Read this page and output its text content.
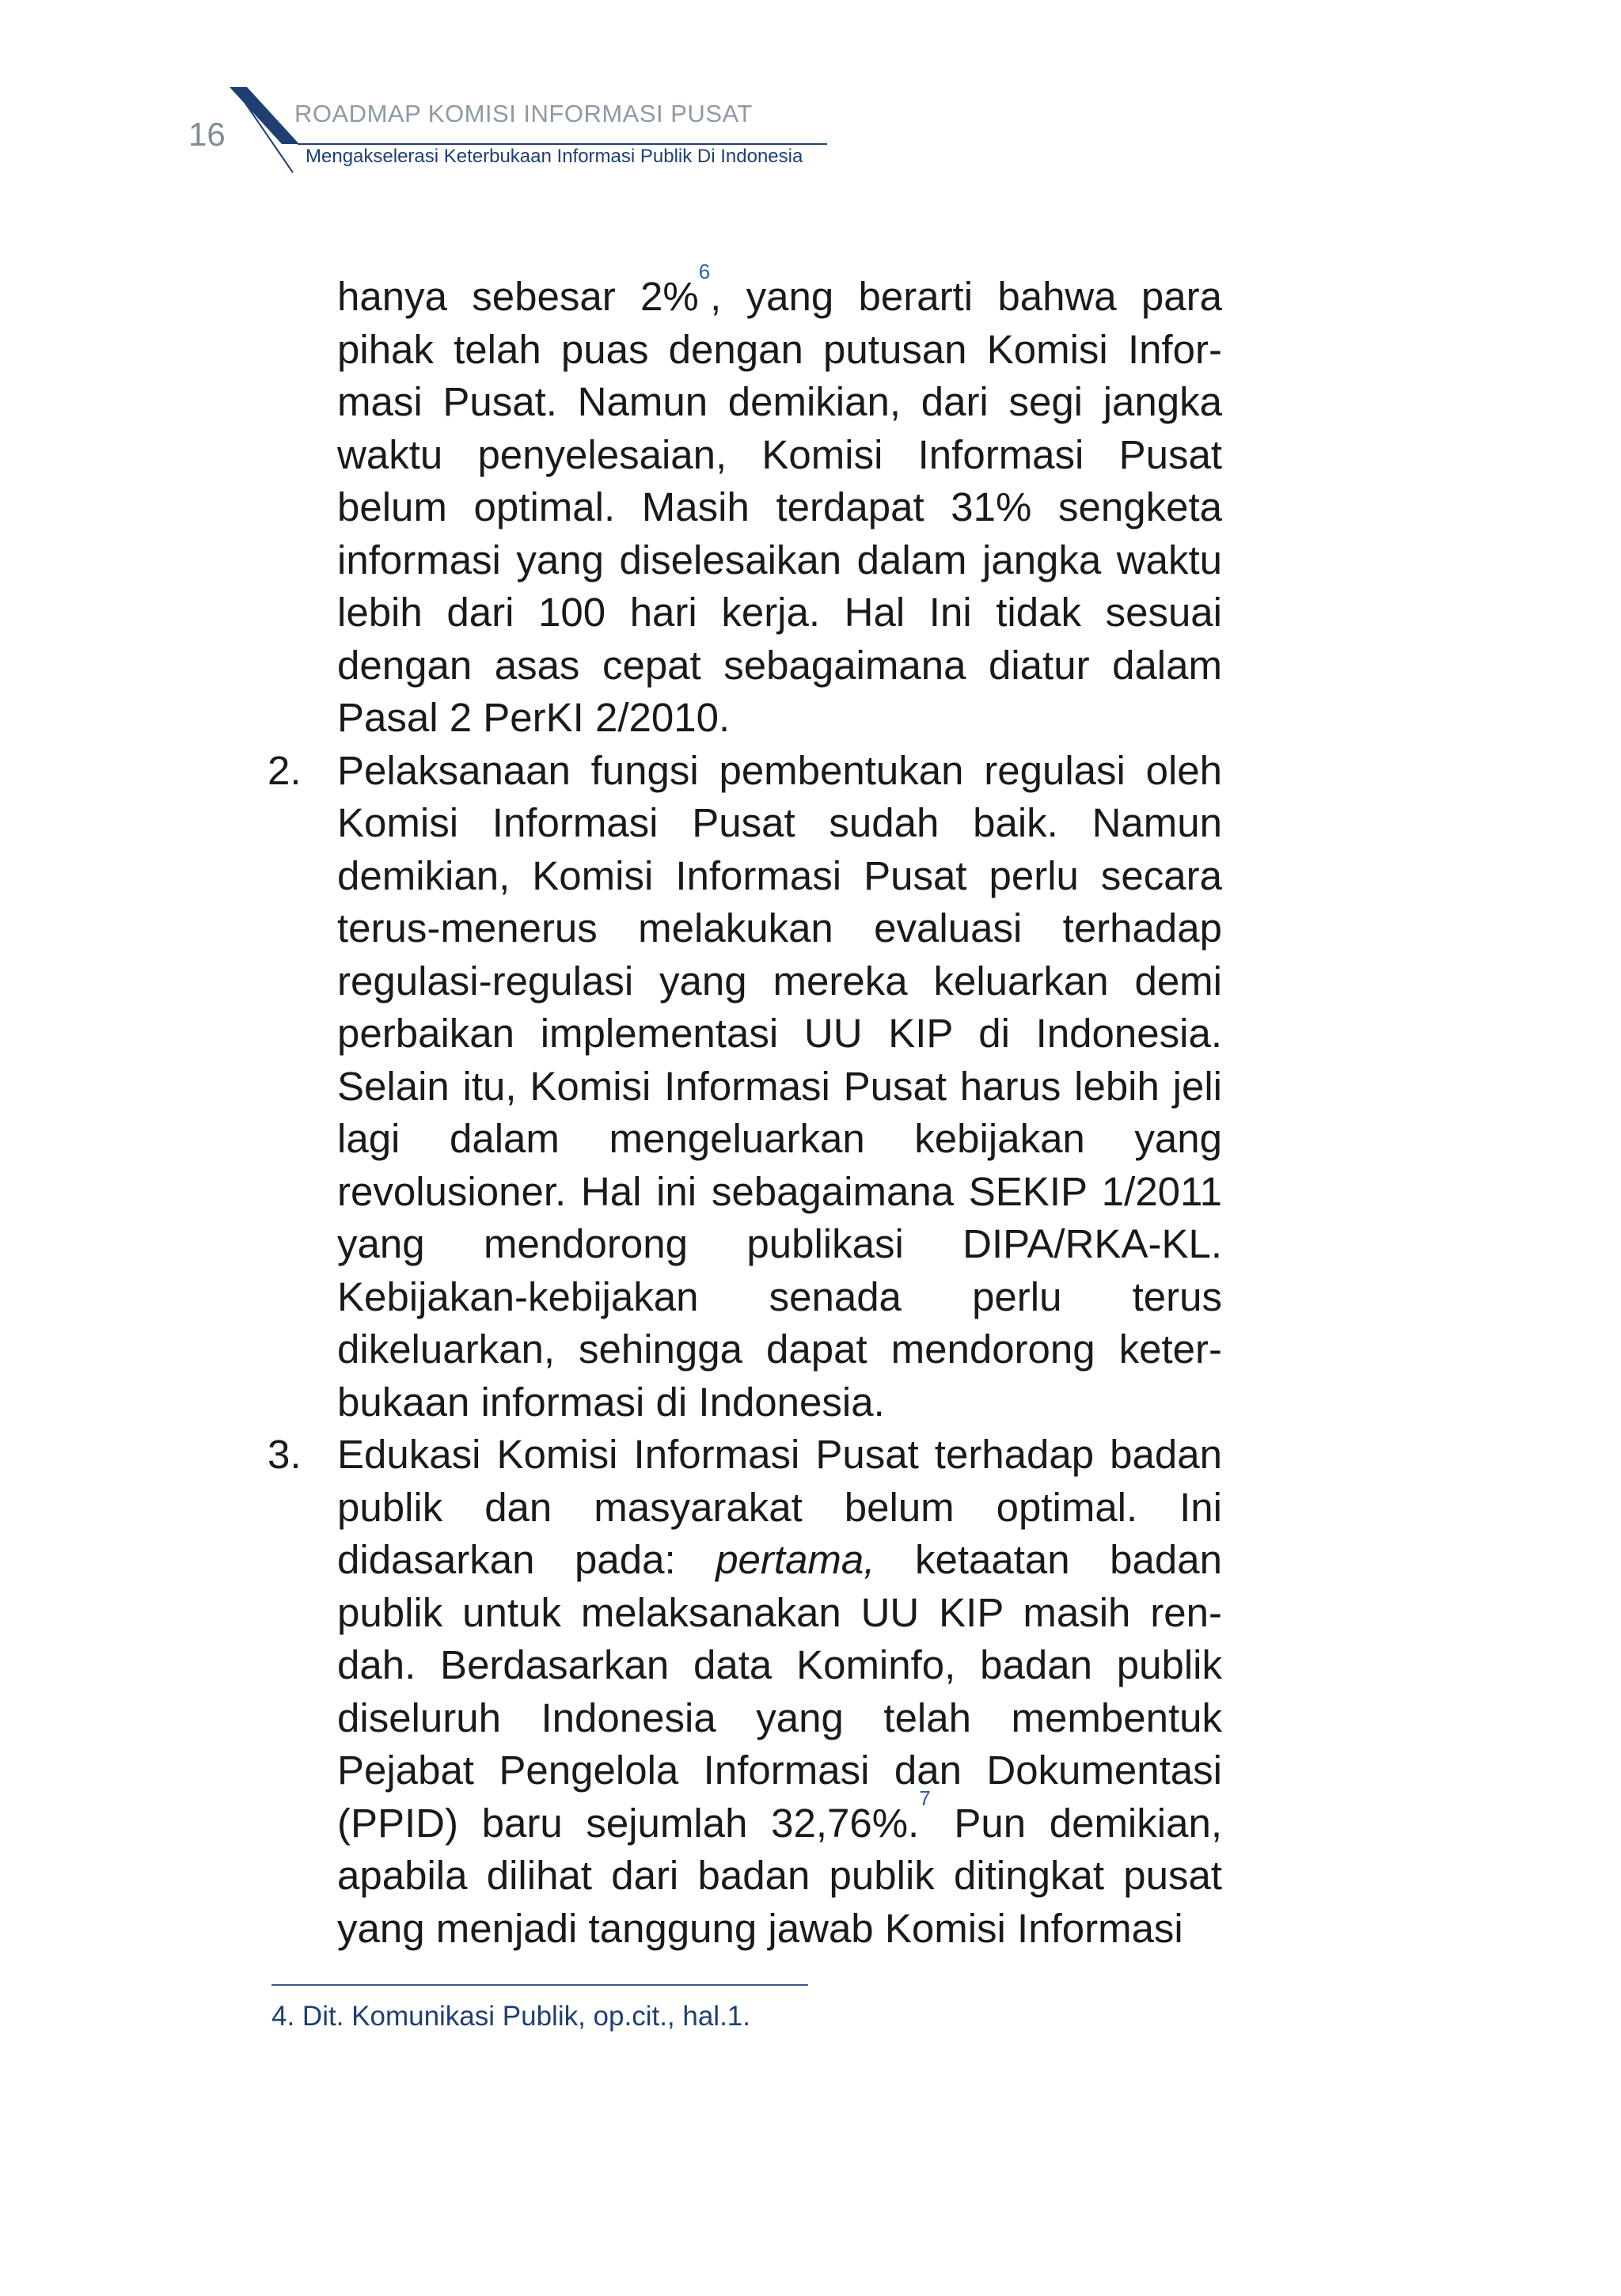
16
ROADMAP KOMISI INFORMASI PUSAT
Mengakselerasi Keterbukaan Informasi Publik Di Indonesia

hanya sebesar 2%$^6$, yang berarti bahwa para pihak telah puas dengan putusan Komisi Informasi Pusat. Namun demikian, dari segi jangka waktu penyelesaian, Komisi Informasi Pusat belum optimal. Masih terdapat 31% sengketa informasi yang diselesaikan dalam jangka waktu lebih dari 100 hari kerja. Hal Ini tidak sesuai dengan asas cepat sebagaimana diatur dalam Pasal 2 PerKI 2/2010.

2. Pelaksanaan fungsi pembentukan regulasi oleh Komisi Informasi Pusat sudah baik. Namun demikian, Komisi Informasi Pusat perlu secara terus-menerus melakukan evaluasi terhadap regulasi-regulasi yang mereka keluarkan demi perbaikan implementasi UU KIP di Indonesia. Selain itu, Komisi Informasi Pusat harus lebih jeli lagi dalam mengeluarkan kebijakan yang revolusioner. Hal ini sebagaimana SEKIP 1/2011 yang mendorong publikasi DIPA/RKA-KL. Kebijakan-kebijakan senada perlu terus dikeluarkan, sehingga dapat mendorong keterbukaan informasi di Indonesia.
3. Edukasi Komisi Informasi Pusat terhadap badan publik dan masyarakat belum optimal. Ini didasarkan pada: pertama, ketaatan badan publik untuk melaksanakan UU KIP masih rendah. Berdasarkan data Kominfo, badan publik diseluruh Indonesia yang telah membentuk Pejabat Pengelola Informasi dan Dokumentasi (PPID) baru sejumlah 32,76%.$^7$ Pun demikian, apabila dilihat dari badan publik ditingkat pusat yang menjadi tanggung jawab Komisi Informasi
4. Dit. Komunikasi Publik, op.cit., hal.1.
